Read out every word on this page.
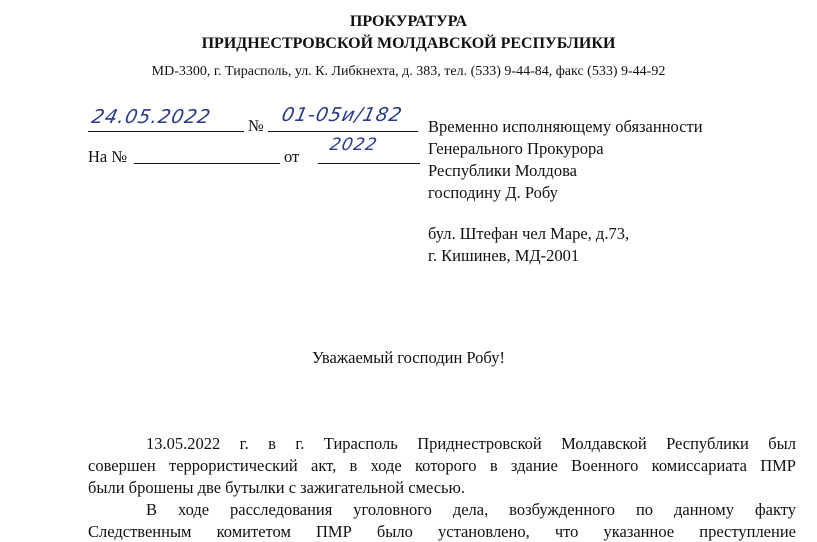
ПРОКУРАТУРА
ПРИДНЕСТРОВСКОЙ МОЛДАВСКОЙ РЕСПУБЛИКИ
MD-3300, г. Тирасполь, ул. К. Либкнехта, д. 383, тел. (533) 9-44-84, факс (533) 9-44-92
24.05.2022 № 01-05и/182
На №	от
2022
Временно исполняющему обязанности
Генерального Прокурора
Республики Молдова
господину Д. Робу
бул. Штефан чел Маре, д.73,
г. Кишинев, МД-2001
Уважаемый господин Робу!
13.05.2022 г. в г. Тирасполь Приднестровской Молдавской Республики был
совершен террористический акт, в ходе которого в здание Военного комиссариата ПМР
были брошены две бутылки с зажигательной смесью.
В ходе расследования уголовного дела, возбужденного по данному факту
Следственным комитетом ПМР было установлено, что указанное преступление
